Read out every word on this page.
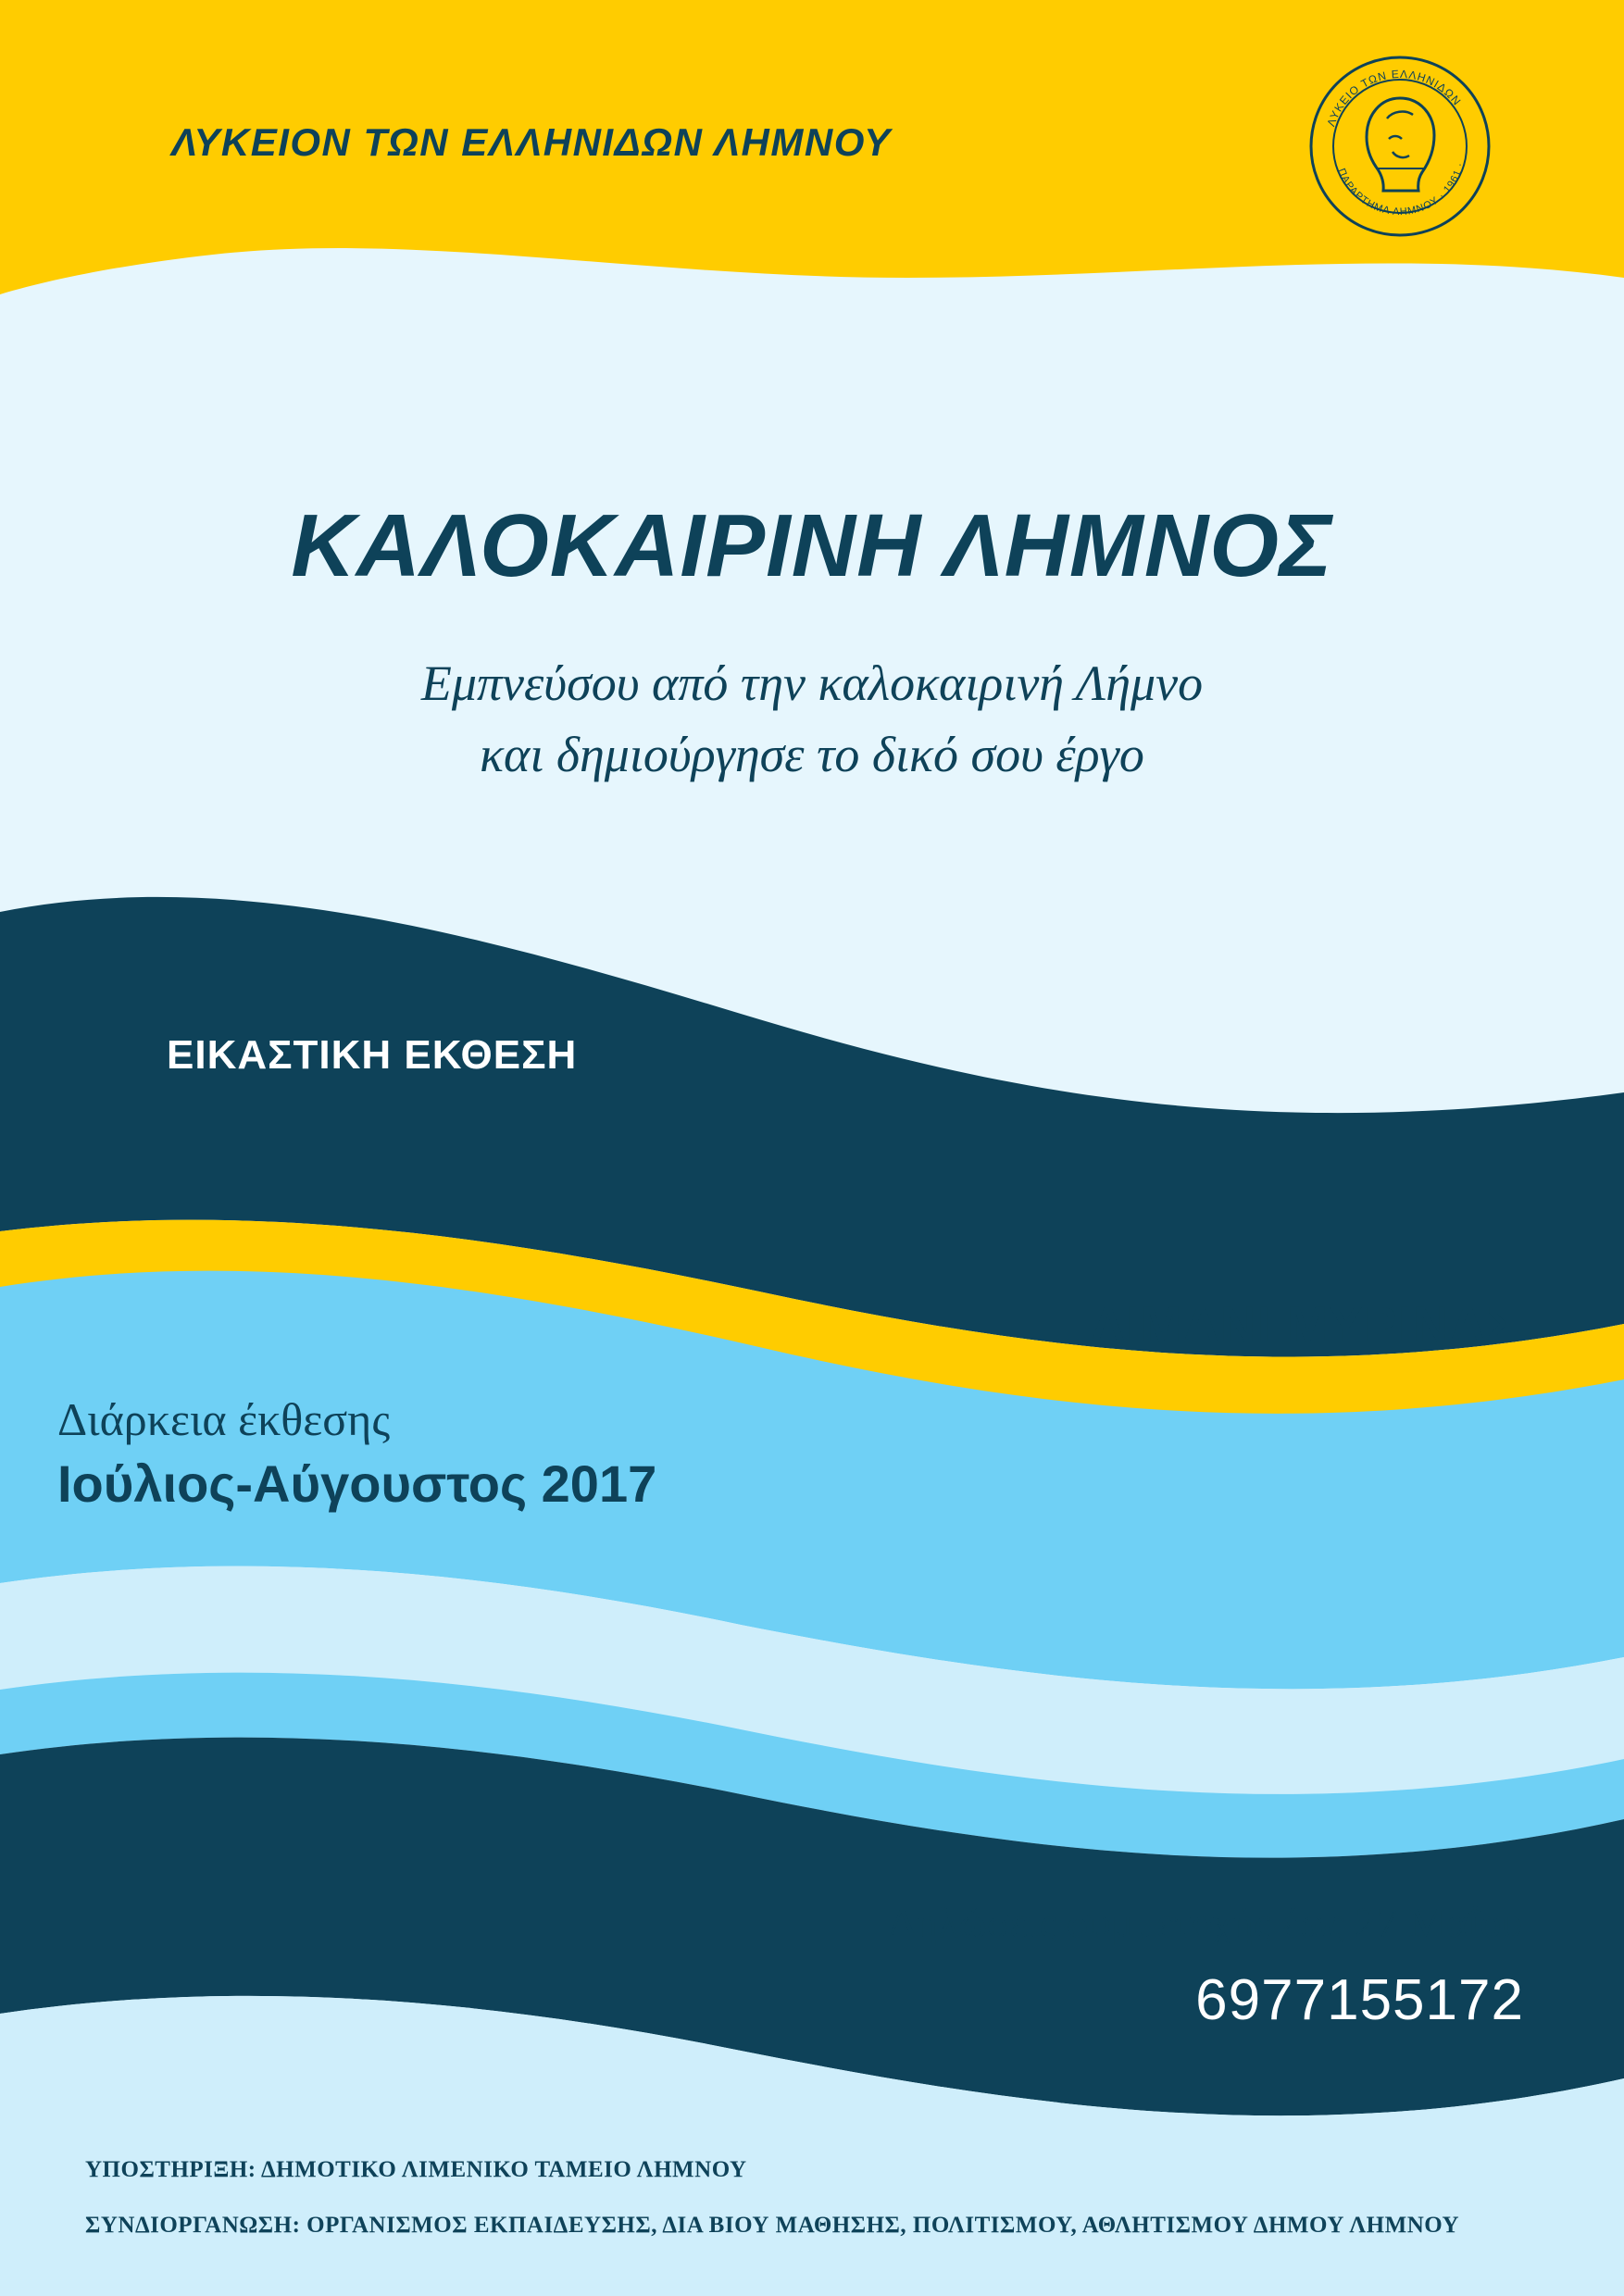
ΛΥΚΕΙΟΝ ΤΩΝ ΕΛΛΗΝΙΔΩΝ ΛΗΜΝΟΥ	ΛΥΚΕΙΟ ΤΩΝ ΕΛΛΗΝΙΔΩΝ
ΠΑΡΑΡΤΗΜΑ ΛΗΜΝΟΥ · 1961 ·
ΚΑΛΟΚΑΙΡΙΝΗ ΛΗΜΝΟΣ
Εμπνεύσου από την καλοκαιρινή Λήμνο
και δημιούργησε το δικό σου έργο
ΕΙΚΑΣΤΙΚΗ ΕΚΘΕΣΗ
ΛΙΜΑΝΙ ΜΥΡΙΝΑΣ
Διάρκεια έκθεσης
Ιούλιος-Αύγουστος 2017
Δηλώσεις συμμετοχής έως 27 Μαΐου
6977155172
ΥΠΟΣΤΗΡΙΞΗ: ΔΗΜΟΤΙΚΟ ΛΙΜΕΝΙΚΟ ΤΑΜΕΙΟ ΛΗΜΝΟΥ
ΣΥΝΔΙΟΡΓΑΝΩΣΗ: ΟΡΓΑΝΙΣΜΟΣ ΕΚΠΑΙΔΕΥΣΗΣ, ΔΙΑ ΒΙΟΥ ΜΑΘΗΣΗΣ, ΠΟΛΙΤΙΣΜΟΥ, ΑΘΛΗΤΙΣΜΟΥ ΔΗΜΟΥ ΛΗΜΝΟΥ
